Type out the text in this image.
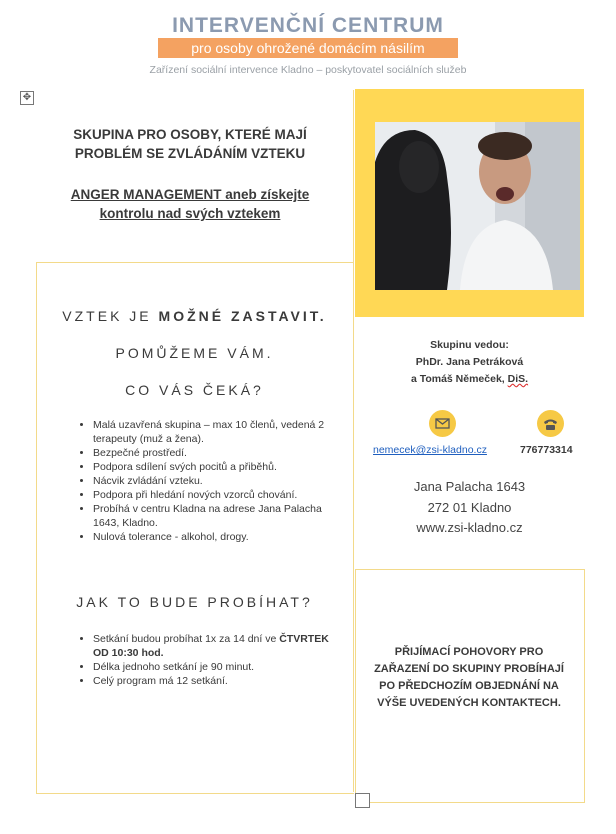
INTERVENČNÍ CENTRUM
pro osoby ohrožené domácím násilím
Zařízení sociální intervence Kladno – poskytovatel sociálních služeb
✥
SKUPINA PRO OSOBY, KTERÉ MAJÍ PROBLÉM SE ZVLÁDÁNÍM VZTEKU
ANGER MANAGEMENT aneb získejte kontrolu nad svých vztekem
VZTEK JE MOŽNÉ ZASTAVIT.
POMŮŽEME VÁM.
CO VÁS ČEKÁ?
• Malá uzavřená skupina – max 10 členů, vedená 2 terapeuty (muž a žena).
• Bezpečné prostředí.
• Podpora sdílení svých pocitů a přiběhů.
• Nácvik zvládání vzteku.
• Podpora při hledání nových vzorců chování.
• Probíhá v centru Kladna na adrese Jana Palacha 1643, Kladno.
• Nulová tolerance - alkohol, drogy.
JAK TO BUDE PROBÍHAT?
• Setkání budou probíhat 1x za 14 dní ve ČTVRTEK OD 10:30 hod.
• Délka jednoho setkání je 90 minut.
• Celý program má 12 setkání.
Skupinu vedou:
PhDr. Jana Petráková
a Tomáš Němeček, DiS.
nemecek@zsi-kladno.cz	776773314
Jana Palacha 1643
272 01 Kladno
www.zsi-kladno.cz
PŘIJÍMACÍ POHOVORY PRO ZAŘAZENÍ DO SKUPINY PROBÍHAJÍ PO PŘEDCHOZÍM OBJEDNÁNÍ NA VÝŠE UVEDENÝCH KONTAKTECH.
